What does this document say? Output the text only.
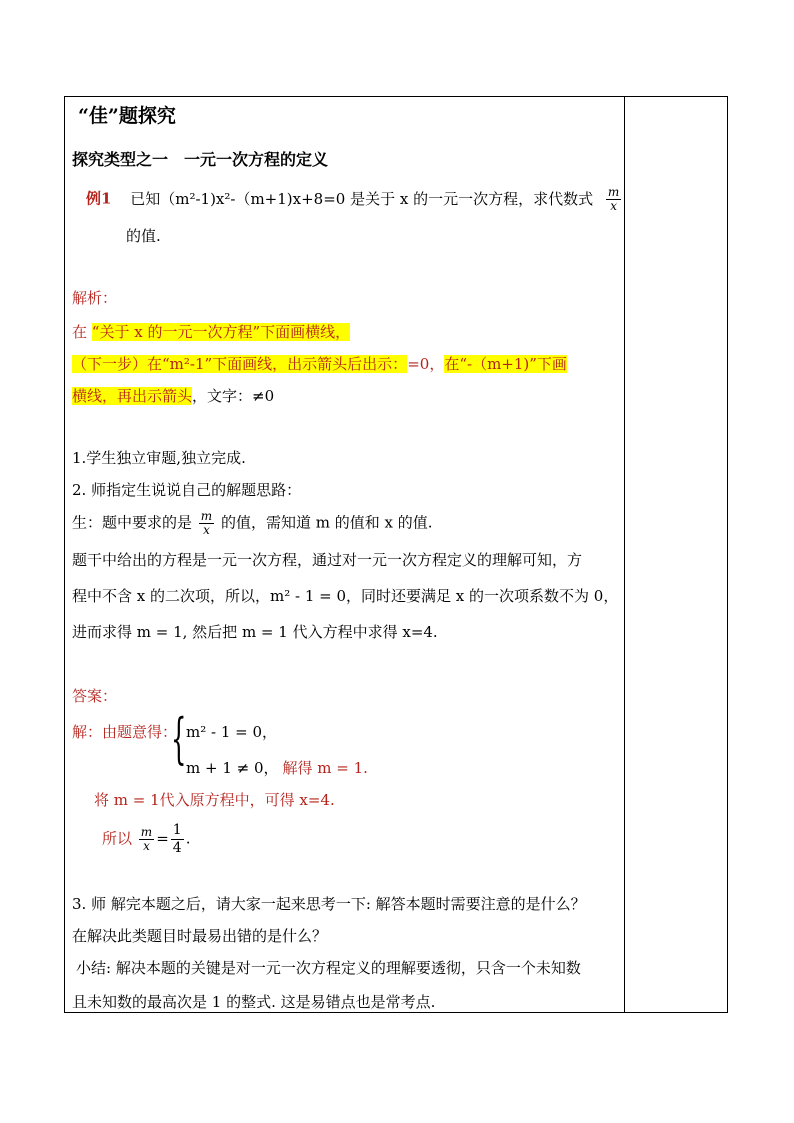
“佳”题探究
探究类型之一　一元一次方程的定义
例1 已知（m²-1)x²-（m+1)x+8=0 是关于 x 的一元一次方程，求代数式 $\frac{m}{x}$
的值.
解析：
在 “关于 x 的一元一次方程”下面画横线，
（下一步）在“m²-1”下面画线，出示箭头后出示：=0，在“-（m+1)”下画
横线，再出示箭头，文字：≠0
1.学生独立审题,独立完成.
2. 师指定生说说自己的解题思路：
生：题中要求的是 $\frac{m}{x}$ 的值，需知道 m 的值和 x 的值.
题干中给出的方程是一元一次方程，通过对一元一次方程定义的理解可知，方
程中不含 x 的二次项，所以，m² - 1 = 0，同时还要满足 x 的一次项系数不为 0，
进而求得 m = 1, 然后把 m = 1 代入方程中求得 x=4.
答案：
解：由题意得：
{ m² - 1 = 0，
m + 1 ≠ 0， 解得 m = 1.
将 m = 1代入原方程中，可得 x=4.
所以 $\frac{m}{x} = \frac{1}{4}$ .
3. 师 解完本题之后，请大家一起来思考一下: 解答本题时需要注意的是什么？
在解决此类题目时最易出错的是什么？
小结: 解决本题的关键是对一元一次方程定义的理解要透彻，只含一个未知数
且未知数的最高次是 1 的整式. 这是易错点也是常考点.
